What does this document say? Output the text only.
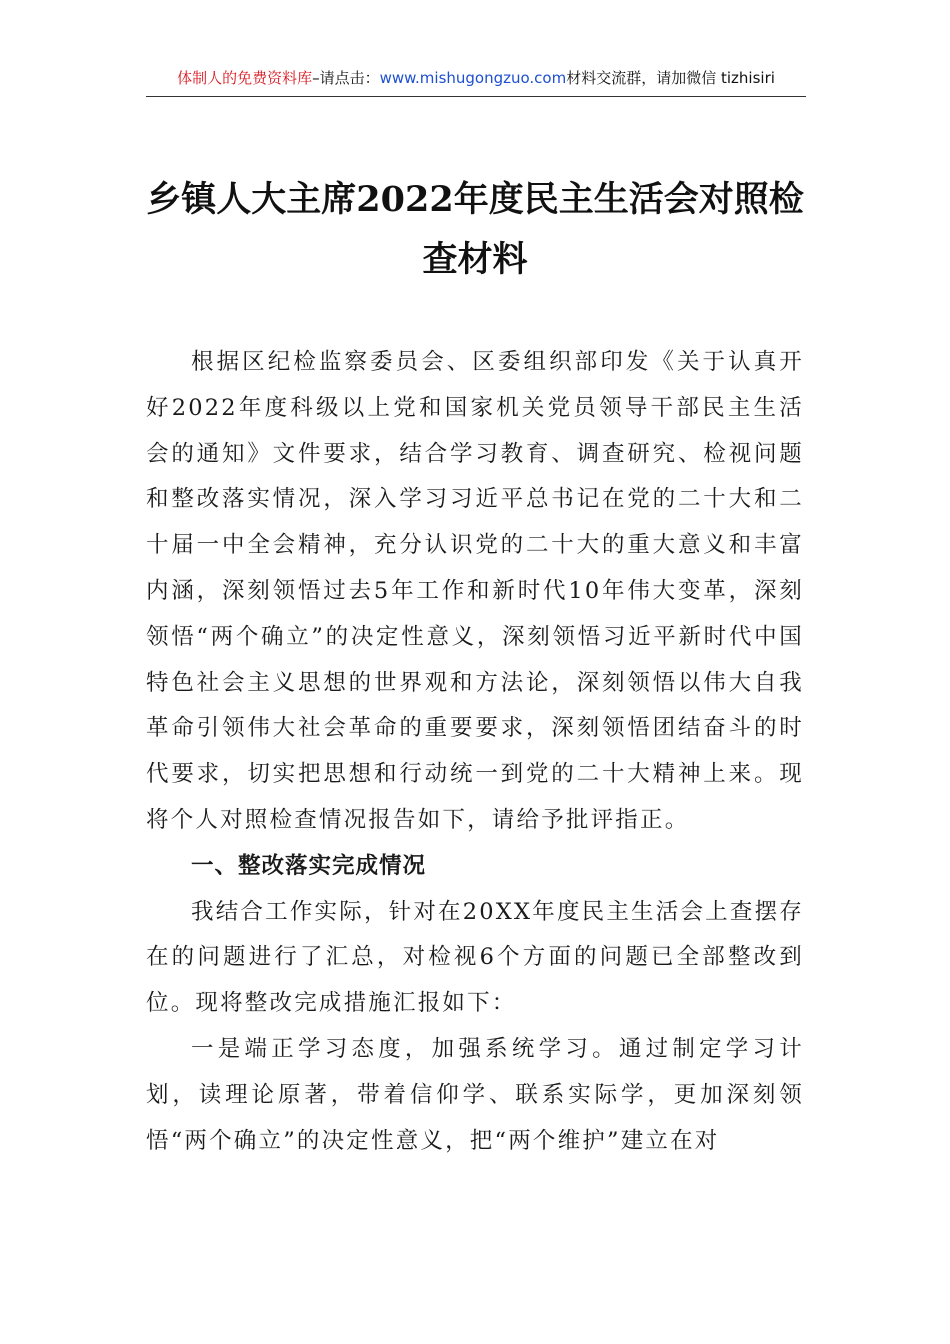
体制人的免费资料库–请点击：www.mishugongzuo.com材料交流群，请加微信 tizhisiri
乡镇人大主席2022年度民主生活会对照检
查材料

根据区纪检监察委员会、区委组织部印发《关于认真开好2022年度科级以上党和国家机关党员领导干部民主生活会的通知》文件要求，结合学习教育、调查研究、检视问题和整改落实情况，深入学习习近平总书记在党的二十大和二十届一中全会精神，充分认识党的二十大的重大意义和丰富内涵，深刻领悟过去5年工作和新时代10年伟大变革，深刻领悟“两个确立”的决定性意义，深刻领悟习近平新时代中国特色社会主义思想的世界观和方法论，深刻领悟以伟大自我革命引领伟大社会革命的重要要求，深刻领悟团结奋斗的时代要求，切实把思想和行动统一到党的二十大精神上来。现将个人对照检查情况报告如下，请给予批评指正。

一、整改落实完成情况

我结合工作实际，针对在20XX年度民主生活会上查摆存在的问题进行了汇总，对检视6个方面的问题已全部整改到位。现将整改完成措施汇报如下：

一是端正学习态度，加强系统学习。通过制定学习计划，读理论原著，带着信仰学、联系实际学，更加深刻领悟“两个确立”的决定性意义，把“两个维护”建立在对
